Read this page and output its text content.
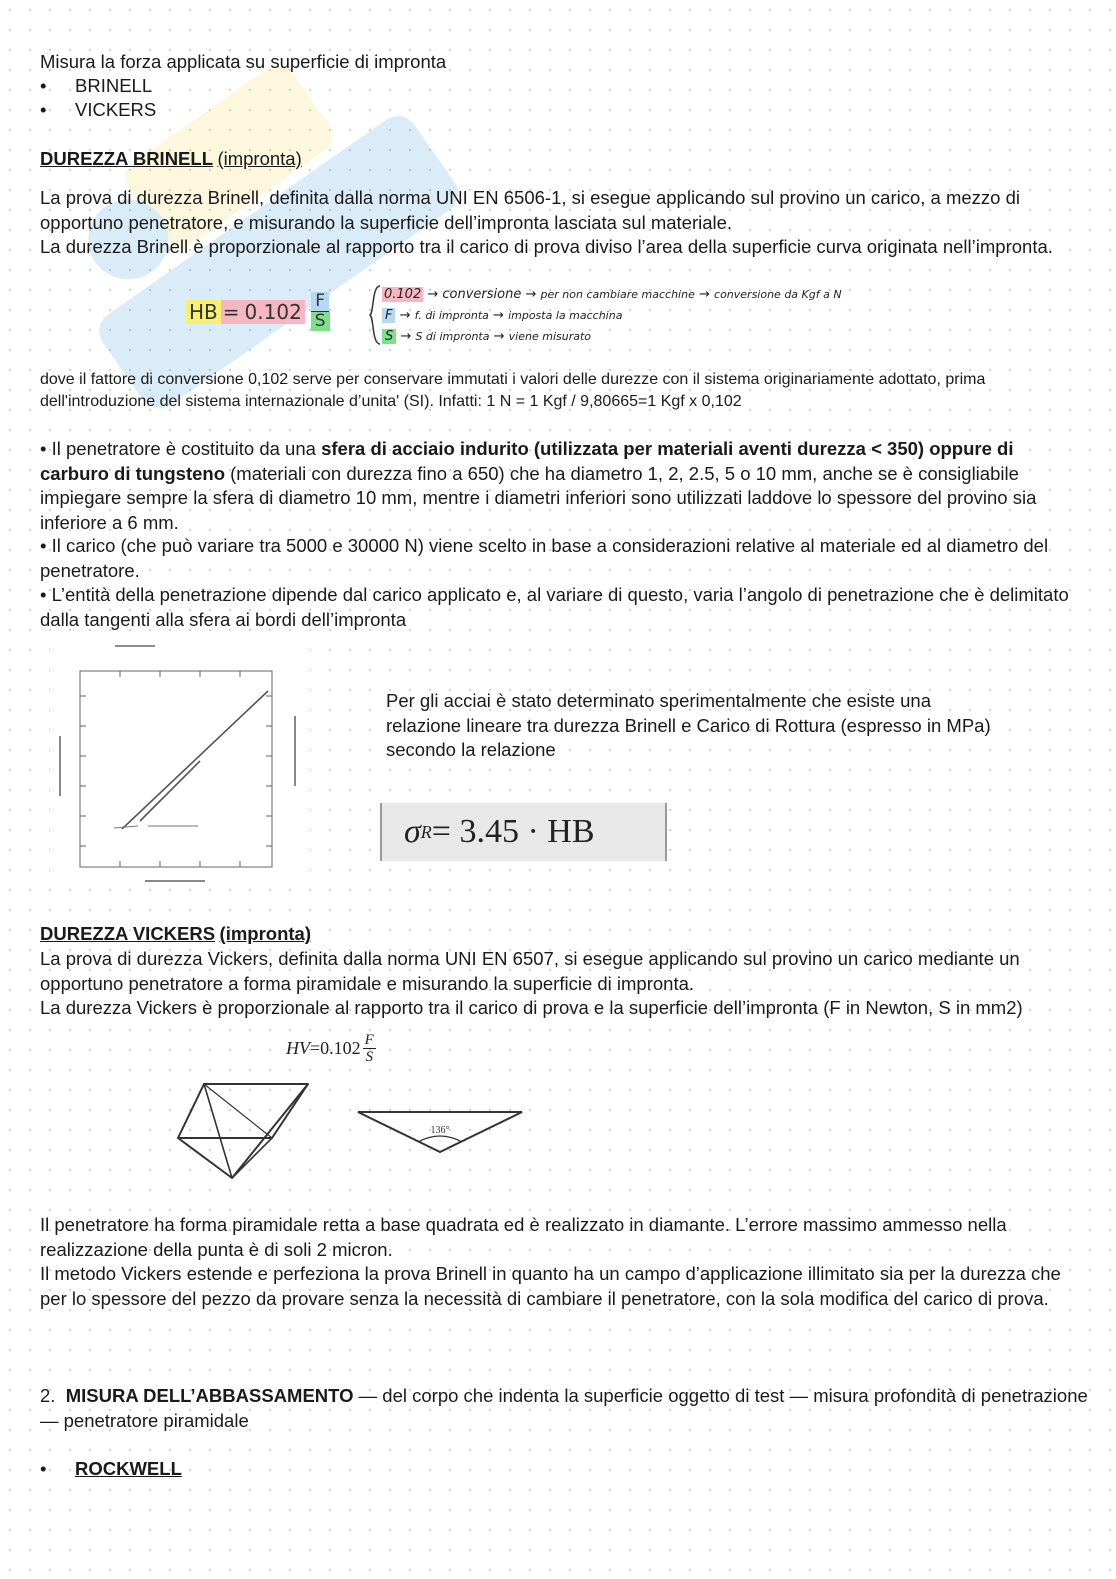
Misura la forza applicata su superficie di impronta
•	BRINELL
•	VICKERS
DUREZZA BRINELL (impronta)
La prova di durezza Brinell, definita dalla norma UNI EN 6506-1, si esegue applicando sul provino un carico, a mezzo di opportuno penetratore, e misurando la superficie dell’impronta lasciata sul materiale.
La durezza Brinell è proporzionale al rapporto tra il carico di prova diviso l’area della superficie curva originata nell’impronta.
HB = $0.102 \frac{F}{S}$	0.102 → conversione → per non cambiare macchine → conversione da Kgf a N
F → f. di impronta → imposta la macchina
S → S di impronta → viene misurato
dove il fattore di conversione 0,102 serve per conservare immutati i valori delle durezze con il sistema originariamente adottato, prima dell'introduzione del sistema internazionale d’unita' (SI). Infatti: 1 N = 1 Kgf / 9,80665=1 Kgf x 0,102
• Il penetratore è costituito da una sfera di acciaio indurito (utilizzata per materiali aventi durezza < 350) oppure di carburo di tungsteno (materiali con durezza fino a 650) che ha diametro 1, 2, 2.5, 5 o 10 mm, anche se è consigliabile impiegare sempre la sfera di diametro 10 mm, mentre i diametri inferiori sono utilizzati laddove lo spessore del provino sia inferiore a 6 mm.
• Il carico (che può variare tra 5000 e 30000 N) viene scelto in base a considerazioni relative al materiale ed al diametro del penetratore.
• L’entità della penetrazione dipende dal carico applicato e, al variare di questo, varia l’angolo di penetrazione che è delimitato dalla tangenti alla sfera ai bordi dell’impronta
Per gli acciai è stato determinato sperimentalmente che esiste una relazione lineare tra durezza Brinell e Carico di Rottura (espresso in MPa) secondo la relazione
σ R = 3.45 · HB
DUREZZA VICKERS (impronta)
La prova di durezza Vickers, definita dalla norma UNI EN 6507, si esegue applicando sul provino un carico mediante un opportuno penetratore a forma piramidale e misurando la superficie di impronta.
La durezza Vickers è proporzionale al rapporto tra il carico di prova e la superficie dell’impronta (F in Newton, S in mm2)
HV = $0.102 \frac{F}{S}$
136°
Il penetratore ha forma piramidale retta a base quadrata ed è realizzato in diamante. L’errore massimo ammesso nella realizzazione della punta è di soli 2 micron.
Il metodo Vickers estende e perfeziona la prova Brinell in quanto ha un campo d’applicazione illimitato sia per la durezza che per lo spessore del pezzo da provare senza la necessità di cambiare il penetratore, con la sola modifica del carico di prova.
2. MISURA DELL’ABBASSAMENTO — del corpo che indenta la superficie oggetto di test — misura profondità di penetrazione — penetratore piramidale
•	ROCKWELL
